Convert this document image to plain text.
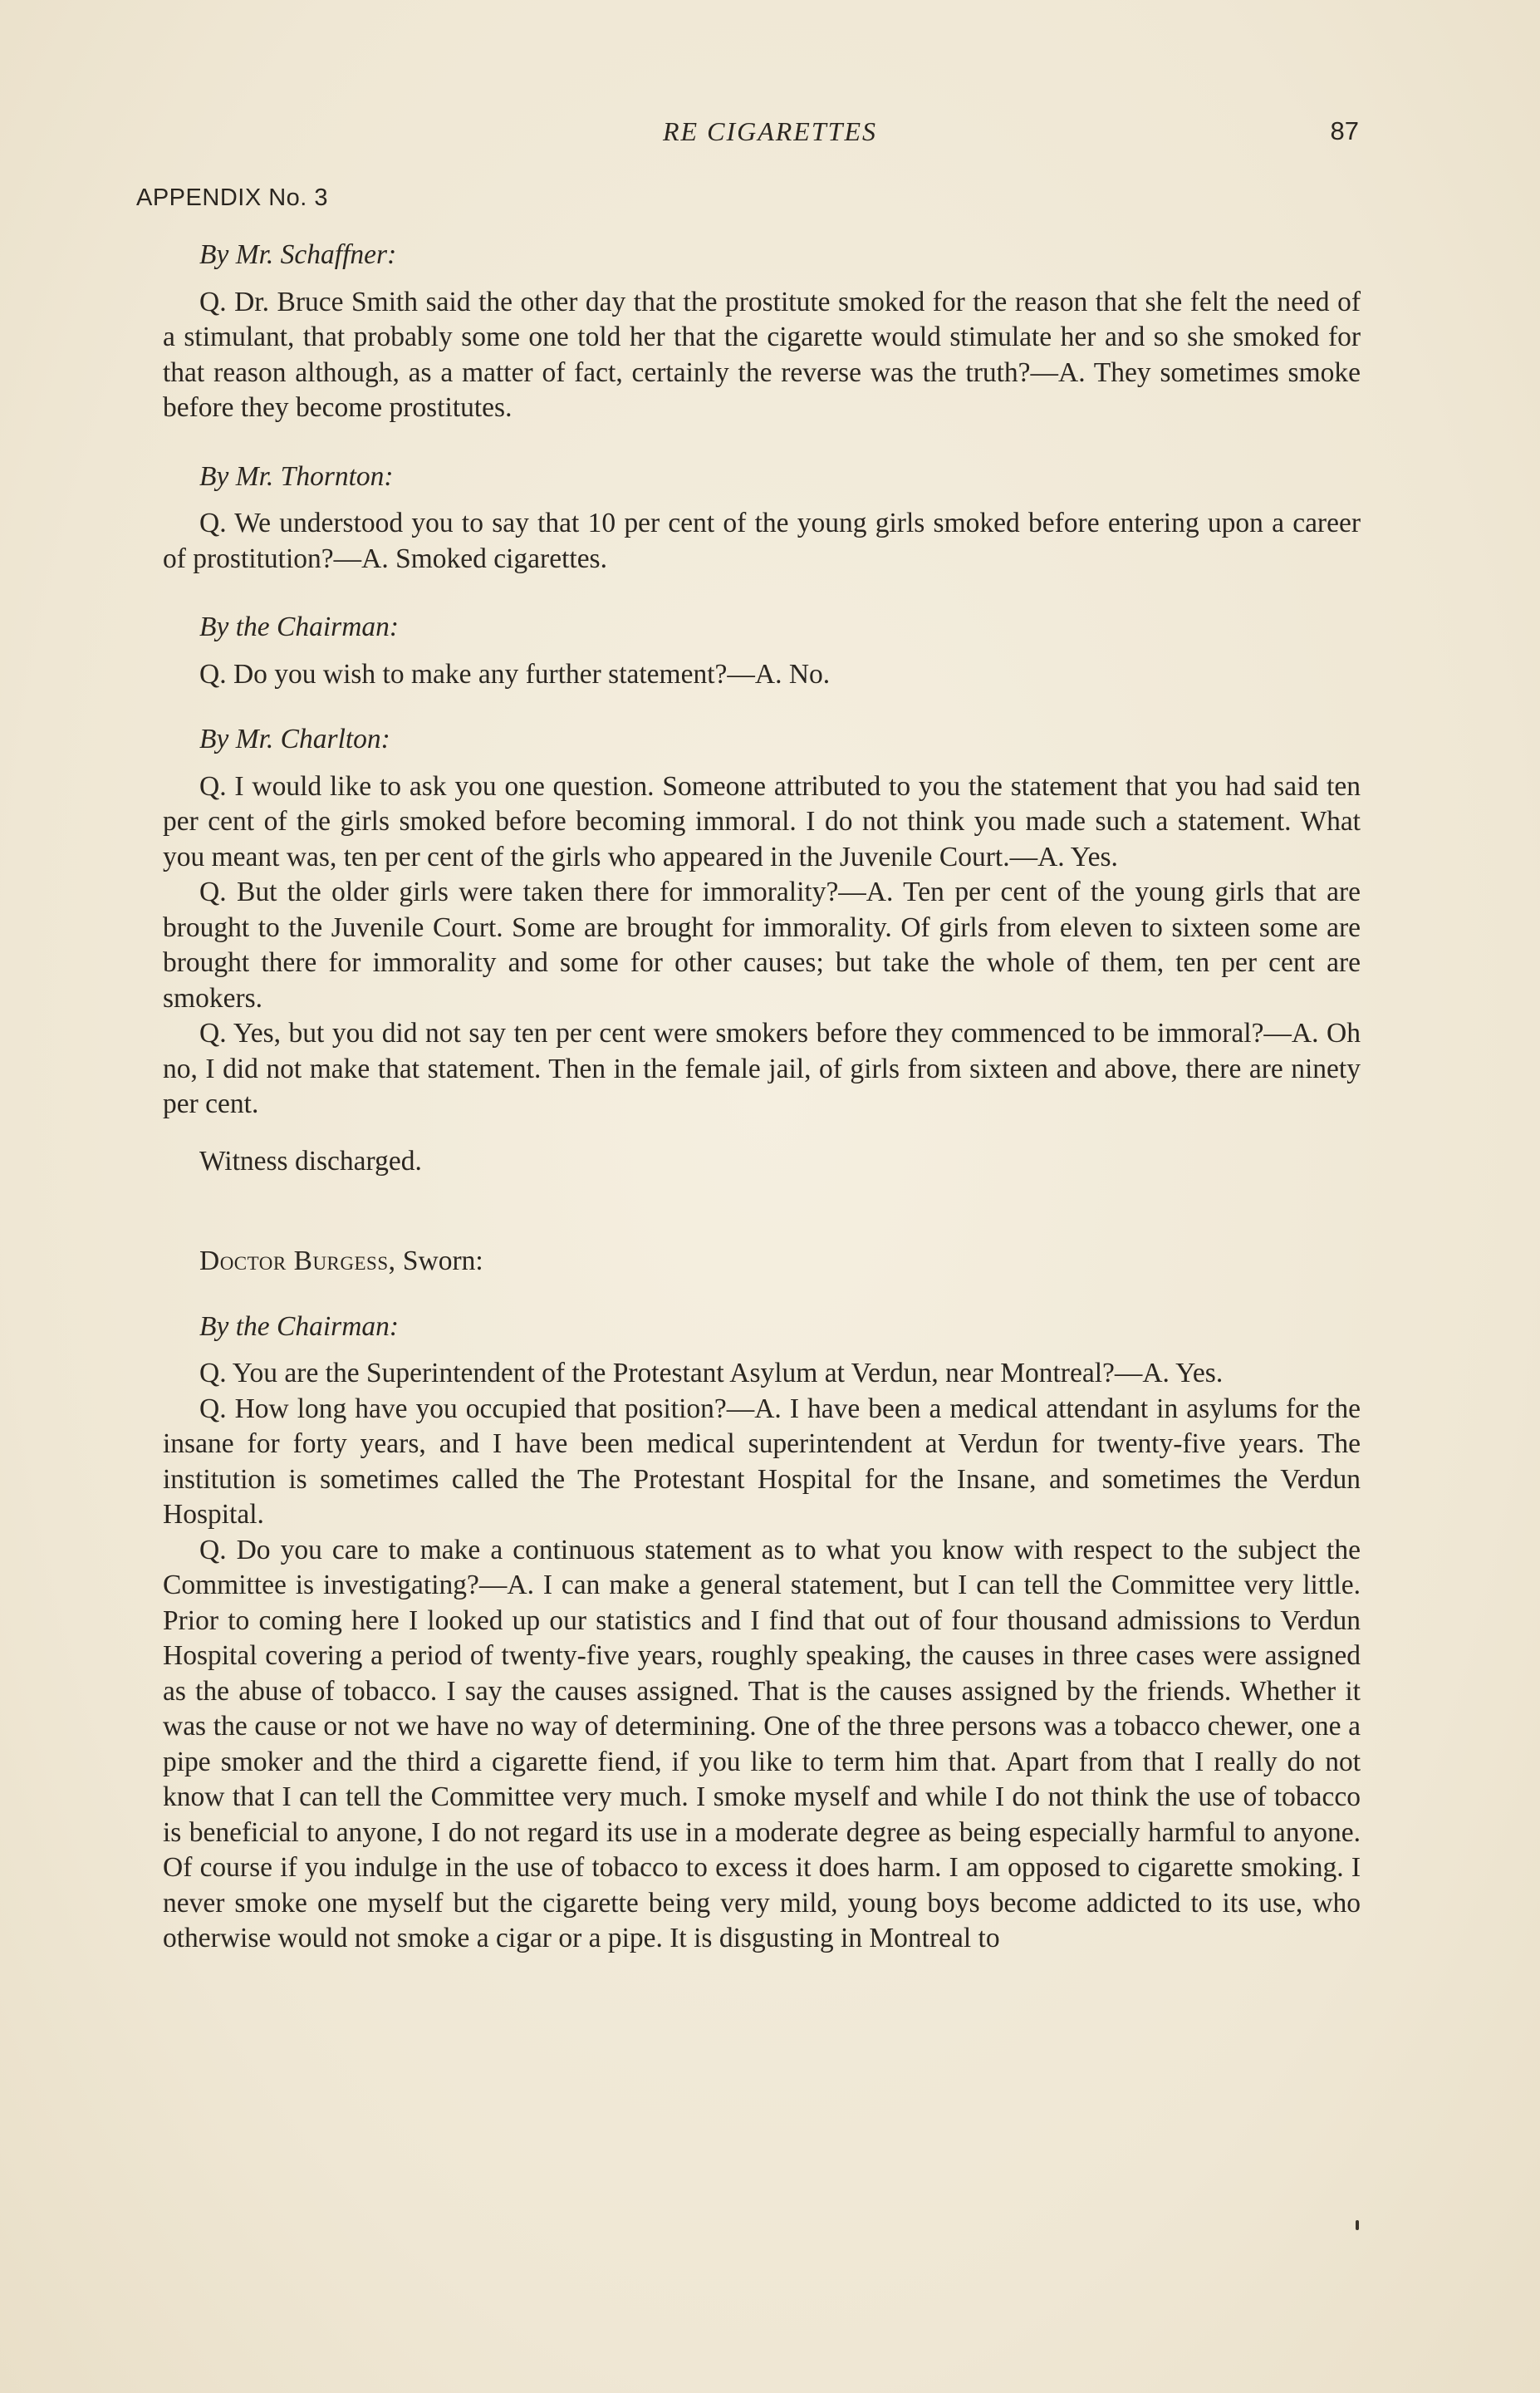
RE CIGARETTES	87
APPENDIX No. 3

By Mr. Schaffner:

Q. Dr. Bruce Smith said the other day that the prostitute smoked for the reason that she felt the need of a stimulant, that probably some one told her that the cigarette would stimulate her and so she smoked for that reason although, as a matter of fact, certainly the reverse was the truth?—A. They sometimes smoke before they become prostitutes.

By Mr. Thornton:

Q. We understood you to say that 10 per cent of the young girls smoked before entering upon a career of prostitution?—A. Smoked cigarettes.

By the Chairman:

Q. Do you wish to make any further statement?—A. No.

By Mr. Charlton:

Q. I would like to ask you one question. Someone attributed to you the statement that you had said ten per cent of the girls smoked before becoming immoral. I do not think you made such a statement. What you meant was, ten per cent of the girls who appeared in the Juvenile Court.—A. Yes.

Q. But the older girls were taken there for immorality?—A. Ten per cent of the young girls that are brought to the Juvenile Court. Some are brought for immorality. Of girls from eleven to sixteen some are brought there for immorality and some for other causes; but take the whole of them, ten per cent are smokers.

Q. Yes, but you did not say ten per cent were smokers before they commenced to be immoral?—A. Oh no, I did not make that statement. Then in the female jail, of girls from sixteen and above, there are ninety per cent.

Witness discharged.

Doctor Burgess, Sworn:

By the Chairman:

Q. You are the Superintendent of the Protestant Asylum at Verdun, near Montreal?—A. Yes.

Q. How long have you occupied that position?—A. I have been a medical attendant in asylums for the insane for forty years, and I have been medical superintendent at Verdun for twenty-five years. The institution is sometimes called the The Protestant Hospital for the Insane, and sometimes the Verdun Hospital.

Q. Do you care to make a continuous statement as to what you know with respect to the subject the Committee is investigating?—A. I can make a general statement, but I can tell the Committee very little. Prior to coming here I looked up our statistics and I find that out of four thousand admissions to Verdun Hospital covering a period of twenty-five years, roughly speaking, the causes in three cases were assigned as the abuse of tobacco. I say the causes assigned. That is the causes assigned by the friends. Whether it was the cause or not we have no way of determining. One of the three persons was a tobacco chewer, one a pipe smoker and the third a cigarette fiend, if you like to term him that. Apart from that I really do not know that I can tell the Committee very much. I smoke myself and while I do not think the use of tobacco is beneficial to anyone, I do not regard its use in a moderate degree as being especially harmful to anyone. Of course if you indulge in the use of tobacco to excess it does harm. I am opposed to cigarette smoking. I never smoke one myself but the cigarette being very mild, young boys become addicted to its use, who otherwise would not smoke a cigar or a pipe. It is disgusting in Montreal to
